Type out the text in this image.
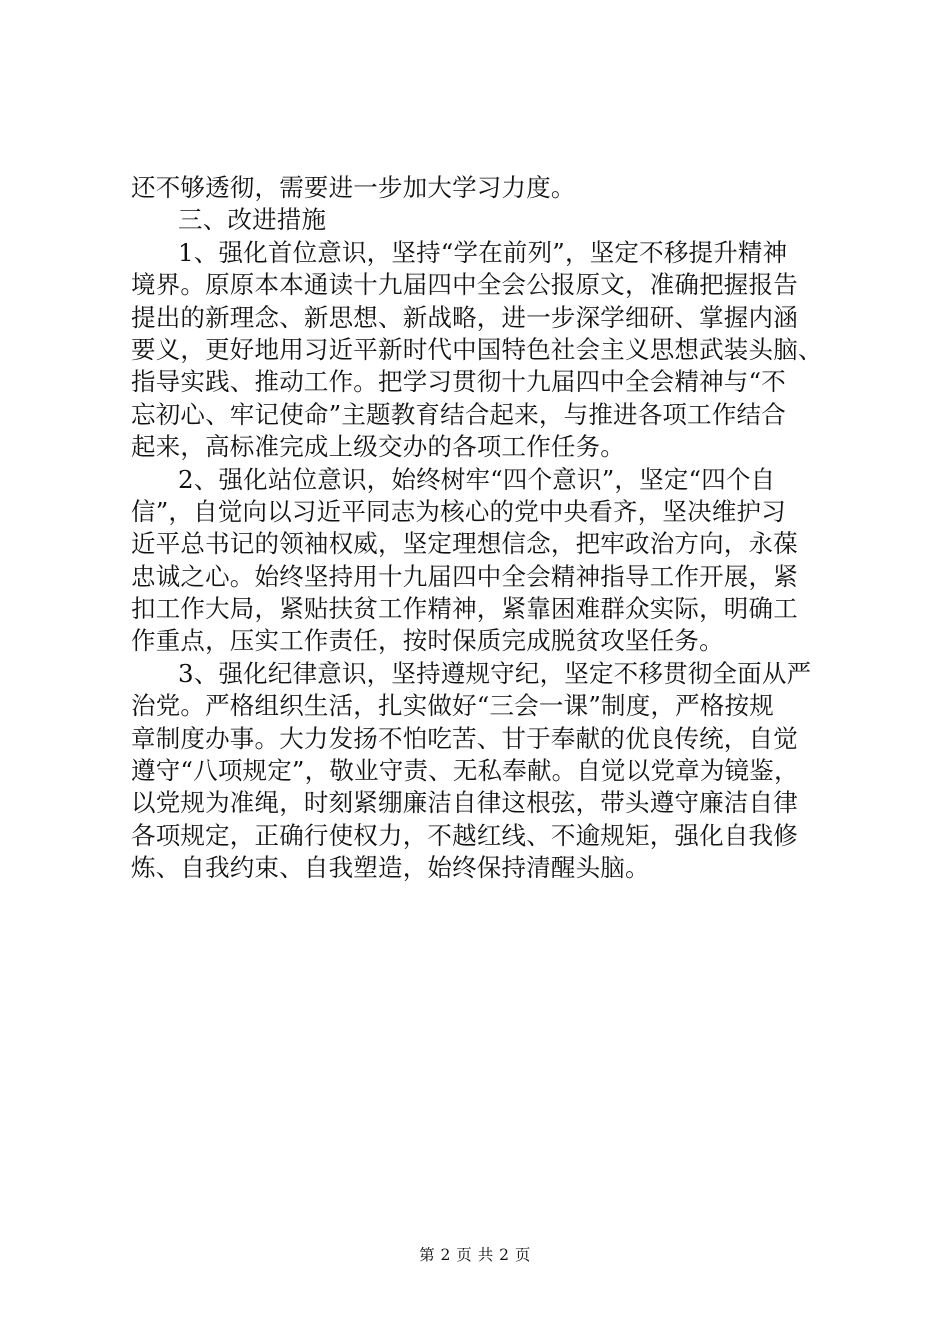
还不够透彻，需要进一步加大学习力度。
三、改进措施
1、强化首位意识，坚持“学在前列”，坚定不移提升精神
境界。原原本本通读十九届四中全会公报原文，准确把握报告
提出的新理念、新思想、新战略，进一步深学细研、掌握内涵
要义，更好地用习近平新时代中国特色社会主义思想武装头脑、
指导实践、推动工作。把学习贯彻十九届四中全会精神与“不
忘初心、牢记使命”主题教育结合起来，与推进各项工作结合
起来，高标准完成上级交办的各项工作任务。
2、强化站位意识，始终树牢“四个意识”，坚定“四个自
信”，自觉向以习近平同志为核心的党中央看齐，坚决维护习
近平总书记的领袖权威，坚定理想信念，把牢政治方向，永葆
忠诚之心。始终坚持用十九届四中全会精神指导工作开展，紧
扣工作大局，紧贴扶贫工作精神，紧靠困难群众实际，明确工
作重点，压实工作责任，按时保质完成脱贫攻坚任务。
3、强化纪律意识，坚持遵规守纪，坚定不移贯彻全面从严
治党。严格组织生活，扎实做好“三会一课”制度，严格按规
章制度办事。大力发扬不怕吃苦、甘于奉献的优良传统，自觉
遵守“八项规定”，敬业守责、无私奉献。自觉以党章为镜鉴，
以党规为准绳，时刻紧绷廉洁自律这根弦，带头遵守廉洁自律
各项规定，正确行使权力，不越红线、不逾规矩，强化自我修
炼、自我约束、自我塑造，始终保持清醒头脑。
第 2 页 共 2 页
